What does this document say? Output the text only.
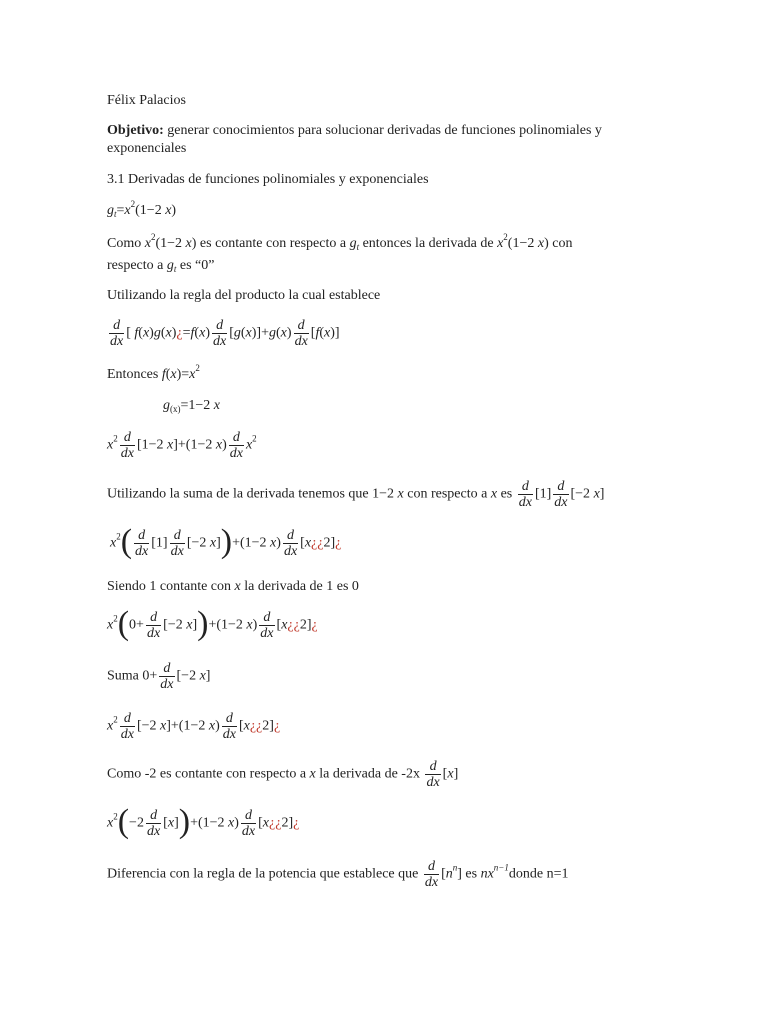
Félix Palacios
Objetivo: generar conocimientos para solucionar derivadas de funciones polinomiales y exponenciales
3.1 Derivadas de funciones polinomiales y exponenciales
$g_t=x^2(1-2$ x)
Como $x^2(1-2$ x) es contante con respecto a $g_t$ entonces la derivada de $x^2(1-2$ x) con
respecto a $g_t$ es “0”
Utilizando la regla del producto la cual establece
$\frac{d}{dx}$ [ f(x)g(x)¿=f(x) $\frac{d}{dx} [g(x)]+g(x) \frac{d}{dx} [f(x)]$
Entonces $f(x)=x^2$
$g_{(x)}=1-2$ x
$x^2 \frac{d}{dx} [1-2$ x]+(1−2 $x) \frac{d}{dx} x^2$
Utilizando la suma de la derivada tenemos que 1−2 x con respecto a x es $\frac{d}{dx} [1] \frac{d}{dx} [-2$ x]
$x^2( \frac{d}{dx} [1] \frac{d}{dx} [-2$ x])+(1−2 $x) \frac{d}{dx}$ [x¿¿2]¿
Siendo 1 contante con x la derivada de 1 es 0
$x^2(0+ \frac{d}{dx} [-2$ x])+(1−2 $x) \frac{d}{dx}$ [x¿¿2]¿
Suma $0+ \frac{d}{dx} [-2$ x]
$x^2 \frac{d}{dx} [-2$ x]+(1−2 $x) \frac{d}{dx}$ [x¿¿2]¿
Como -2 es contante con respecto a x la derivada de $-2x \frac{d}{dx} [x]$
$x^2(-2 \frac{d}{dx} [x])+(1-2$ $x) \frac{d}{dx}$ [x¿¿2]¿
Diferencia con la regla de la potencia que establece que $\frac{d}{dx} [n^n]$ es $nx^{n-1}donde$ n=1
